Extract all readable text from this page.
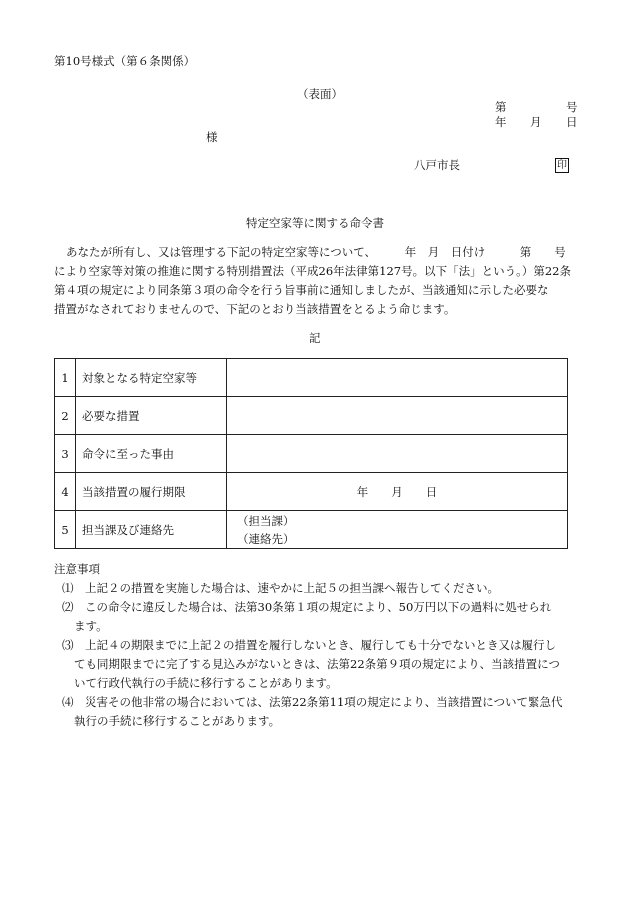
第10号様式（第６条関係）
（表面）
第	号
年 月 日
様
八戸市長	印
特定空家等に関する命令書
あなたが所有し、又は管理する下記の特定空家等について、　　　年　月　日付け　　　第　　号
により空家等対策の推進に関する特別措置法（平成26年法律第127号。以下「法」という。）第22条
第４項の規定により同条第３項の命令を行う旨事前に通知しましたが、当該通知に示した必要な
措置がなされておりませんので、下記のとおり当該措置をとるよう命じます。
記
1	対象となる特定空家等	
2	必要な措置	
3	命令に至った事由	
4	当該措置の履行期限	年　　月　　日
5	担当課及び連絡先	（担当課）
（連絡先）
注意事項
⑴　上記２の措置を実施した場合は、速やかに上記５の担当課へ報告してください。
⑵　この命令に違反した場合は、法第30条第１項の規定により、50万円以下の過料に処せられ
ます。
⑶　上記４の期限までに上記２の措置を履行しないとき、履行しても十分でないとき又は履行し
ても同期限までに完了する見込みがないときは、法第22条第９項の規定により、当該措置につ
いて行政代執行の手続に移行することがあります。
⑷　災害その他非常の場合においては、法第22条第11項の規定により、当該措置について緊急代
執行の手続に移行することがあります。
